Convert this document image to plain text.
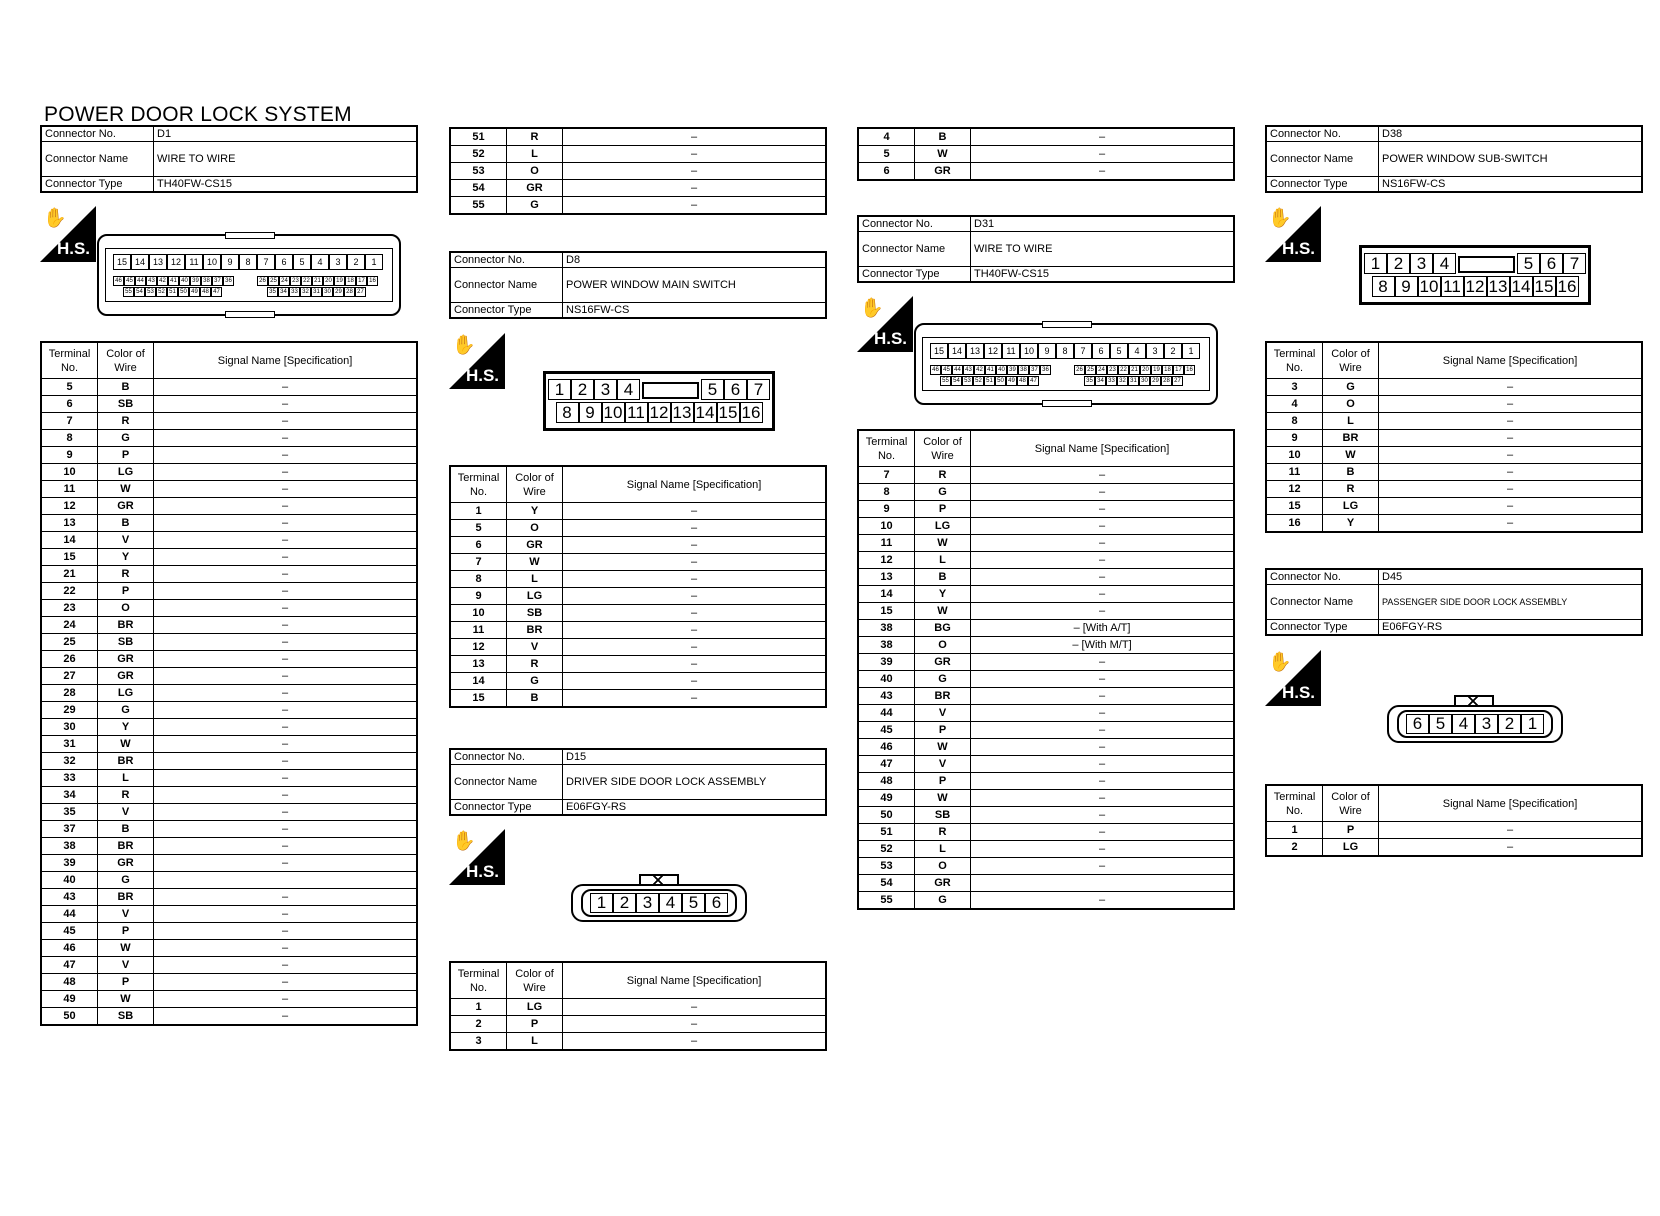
POWER DOOR LOCK SYSTEM
Connector No.	D1
Connector Name	WIRE TO WIRE
Connector Type	TH40FW-CS15
✋
H.S.
15 14 13 12 11 10	9	8	7	6	5	4	3	2	1
46 45 44 43 42 41 40 39 38 37 36	26 25 24 23 22 21 20 19 18 17 16
55 54 53 52 51 50 49 48 47	35 34 33 32 31 30 29 28 27
Terminal No.	Color of Wire	Signal Name [Specification]
5	B	–
6	SB	–
7	R	–
8	G	–
9	P	–
10	LG	–
11	W	–
12	GR	–
13	B	–
14	V	–
15	Y	–
21	R	–
22	P	–
23	O	–
24	BR	–
25	SB	–
26	GR	–
27	GR	–
28	LG	–
29	G	–
30	Y	–
31	W	–
32	BR	–
33	L	–
34	R	–
35	V	–
37	B	–
38	BR	–
39	GR	–
40	G	
43	BR	–
44	V	–
45	P	–
46	W	–
47	V	–
48	P	–
49	W	–
50	SB	–
51	R	–
52	L	–
53	O	–
54	GR	–
55	G	–
Connector No.	D8
Connector Name	POWER WINDOW MAIN SWITCH
Connector Type	NS16FW-CS
✋
H.S.
1 2 3 4	5 6 7
8 9 10 11 12 13 14 15 16
Terminal No.	Color of Wire	Signal Name [Specification]
1	Y	–
5	O	–
6	GR	–
7	W	–
8	L	–
9	LG	–
10	SB	–
11	BR	–
12	V	–
13	R	–
14	G	–
15	B	–
Connector No.	D15
Connector Name	DRIVER SIDE DOOR LOCK ASSEMBLY
Connector Type	E06FGY-RS
✋
H.S.
1 2 3 4 5 6
Terminal No.	Color of Wire	Signal Name [Specification]
1	LG	–
2	P	–
3	L	–
4	B	–
5	W	–
6	GR	–
Connector No.	D31
Connector Name	WIRE TO WIRE
Connector Type	TH40FW-CS15
✋
H.S.
15 14 13 12 11 10	9	8	7	6	5	4	3	2	1
46 45 44 43 42 41 40 39 38 37 36	26 25 24 23 22 21 20 19 18 17 16
55 54 53 52 51 50 49 48 47	35 34 33 32 31 30 29 28 27
Terminal No.	Color of Wire	Signal Name [Specification]
7	R	–
8	G	–
9	P	–
10	LG	–
11	W	–
12	L	–
13	B	–
14	Y	–
15	W	–
38	BG	– [With A/T]
38	O	– [With M/T]
39	GR	–
40	G	–
43	BR	–
44	V	–
45	P	–
46	W	–
47	V	–
48	P	–
49	W	–
50	SB	–
51	R	–
52	L	–
53	O	–
54	GR	
55	G	–
Connector No.	D38
Connector Name	POWER WINDOW SUB-SWITCH
Connector Type	NS16FW-CS
✋
H.S.
1 2 3 4	5 6 7
8 9 10 11 12 13 14 15 16
Terminal No.	Color of Wire	Signal Name [Specification]
3	G	–
4	O	–
8	L	–
9	BR	–
10	W	–
11	B	–
12	R	–
15	LG	–
16	Y	–
Connector No.	D45
Connector Name	PASSENGER SIDE DOOR LOCK ASSEMBLY
Connector Type	E06FGY-RS
✋
H.S.
6 5 4 3 2 1
Terminal No.	Color of Wire	Signal Name [Specification]
1	P	–
2	LG	–
